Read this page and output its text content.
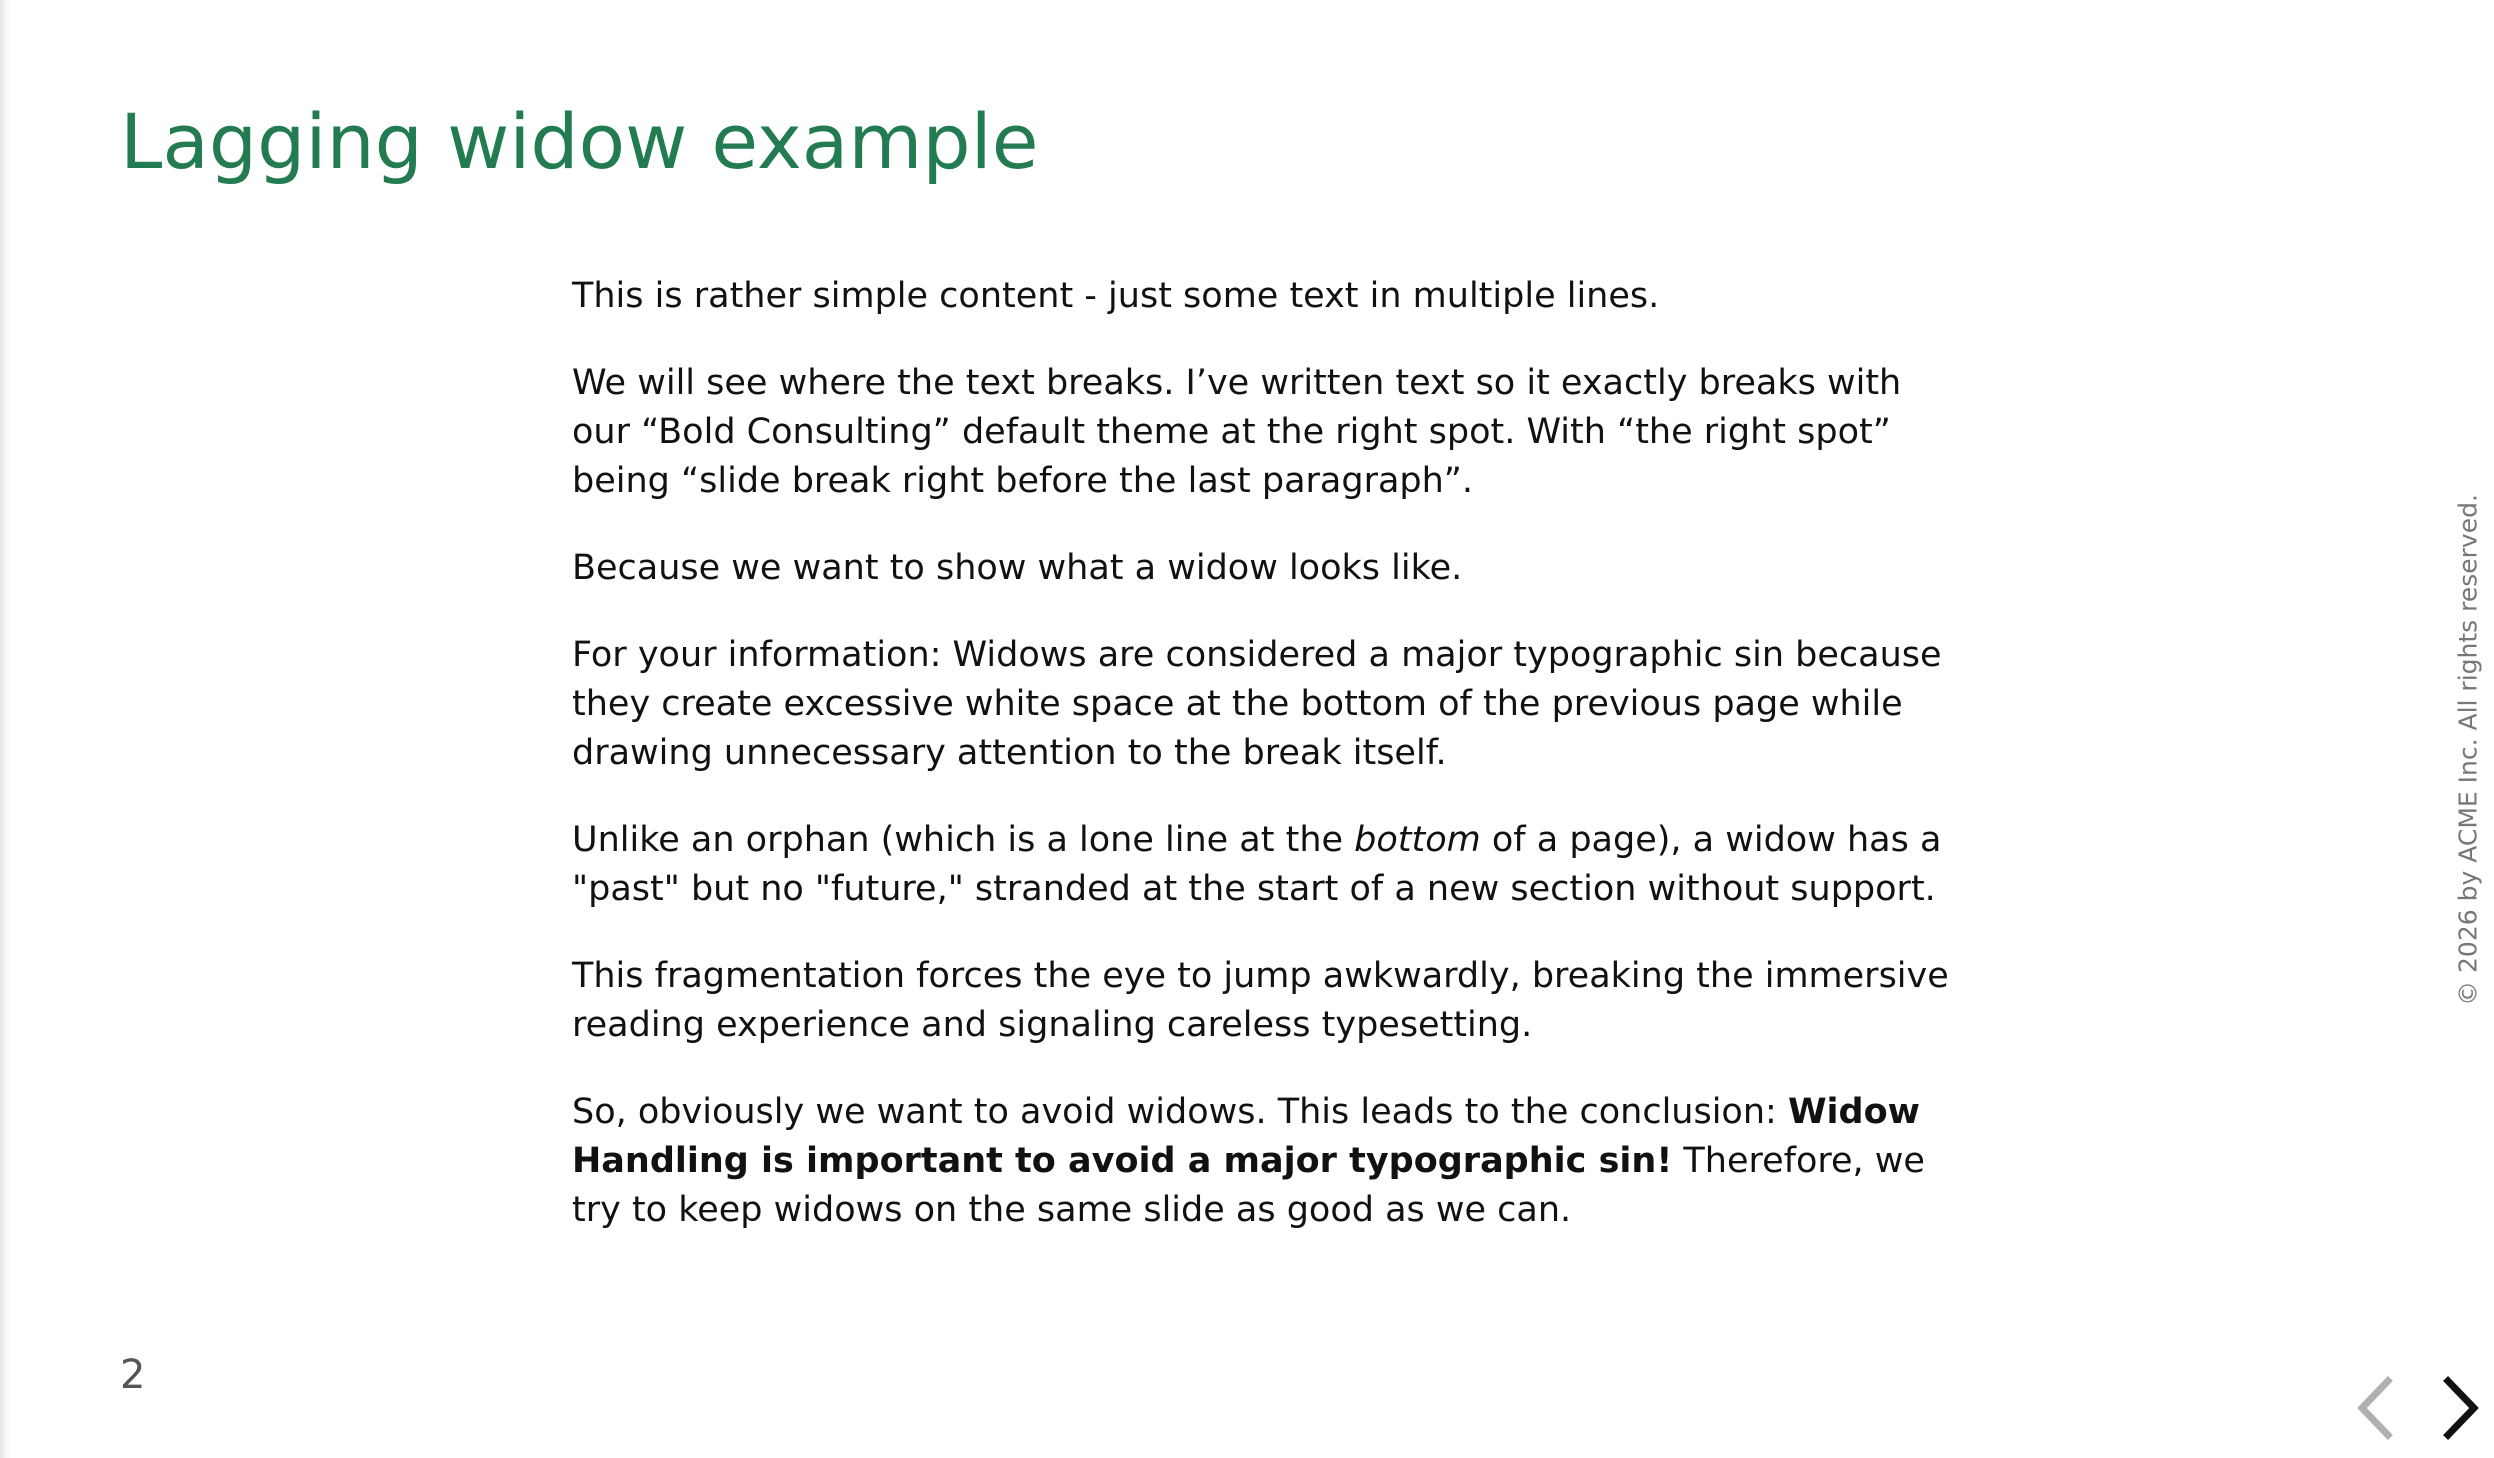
Lagging widow example

This is rather simple content - just some text in multiple lines.

We will see where the text breaks. I’ve written text so it exactly breaks with our “Bold Consulting” default theme at the right spot. With “the right spot” being “slide break right before the last paragraph”.

Because we want to show what a widow looks like.

For your information: Widows are considered a major typographic sin because they create excessive white space at the bottom of the previous page while drawing unnecessary attention to the break itself.

Unlike an orphan (which is a lone line at the bottom of a page), a widow has a "past" but no "future," stranded at the start of a new section without support.

This fragmentation forces the eye to jump awkwardly, breaking the immersive reading experience and signaling careless typesetting.

So, obviously we want to avoid widows. This leads to the conclusion: Widow Handling is important to avoid a major typographic sin! Therefore, we try to keep widows on the same slide as good as we can.

2
© 2026 by ACME Inc. All rights reserved.
